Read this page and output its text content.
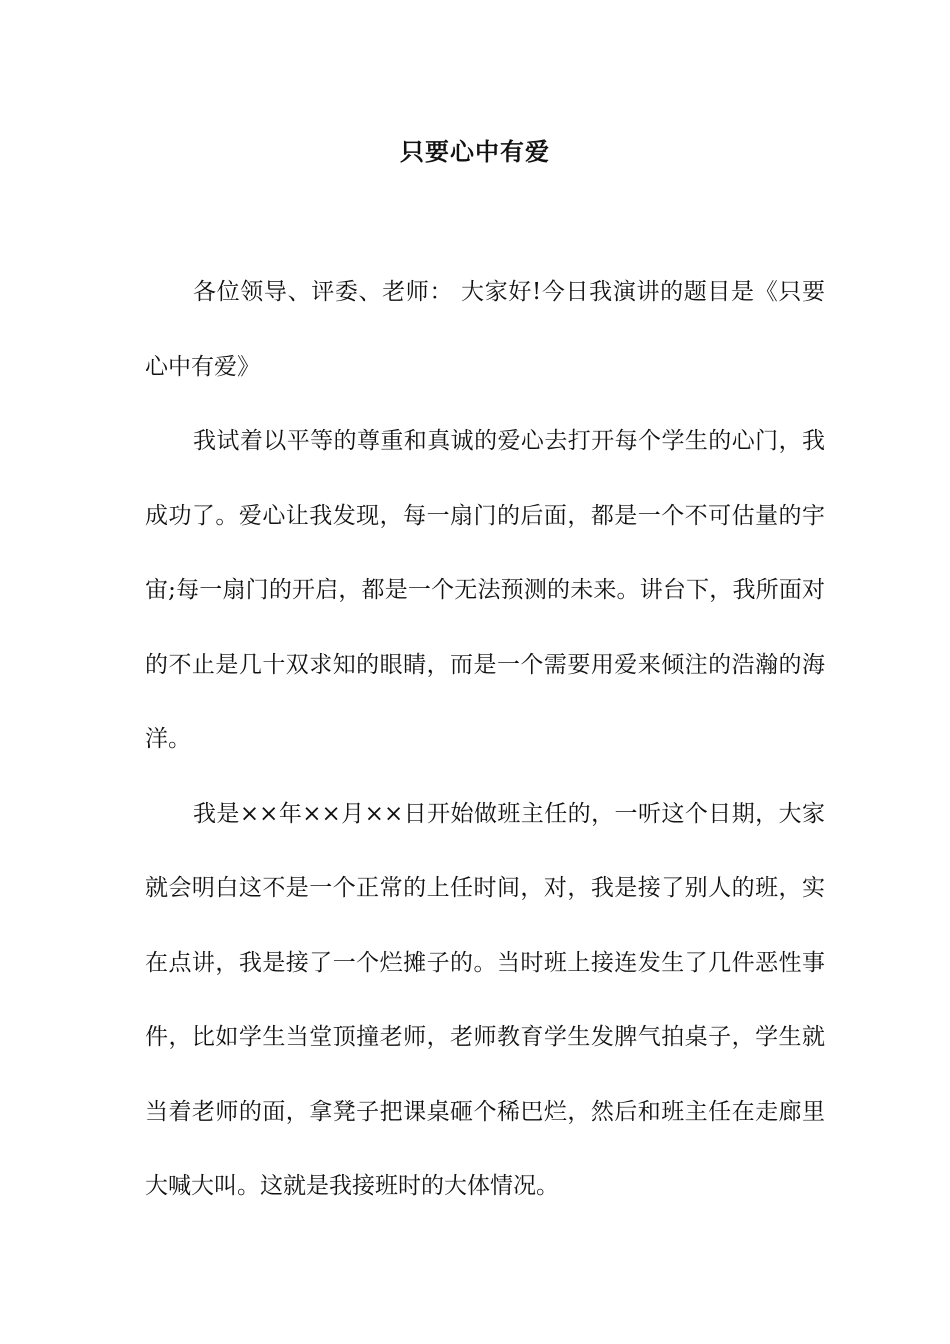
只要心中有爱

各位领导、评委、老师： 大家好!今日我演讲的题目是《只要心中有爱》

我试着以平等的尊重和真诚的爱心去打开每个学生的心门，我成功了。爱心让我发现，每一扇门的后面，都是一个不可估量的宇宙;每一扇门的开启，都是一个无法预测的未来。讲台下，我所面对的不止是几十双求知的眼睛，而是一个需要用爱来倾注的浩瀚的海洋。

我是××年××月××日开始做班主任的，一听这个日期，大家就会明白这不是一个正常的上任时间，对，我是接了别人的班，实在点讲，我是接了一个烂摊子的。当时班上接连发生了几件恶性事件，比如学生当堂顶撞老师，老师教育学生发脾气拍桌子，学生就当着老师的面，拿凳子把课桌砸个稀巴烂，然后和班主任在走廊里大喊大叫。这就是我接班时的大体情况。
